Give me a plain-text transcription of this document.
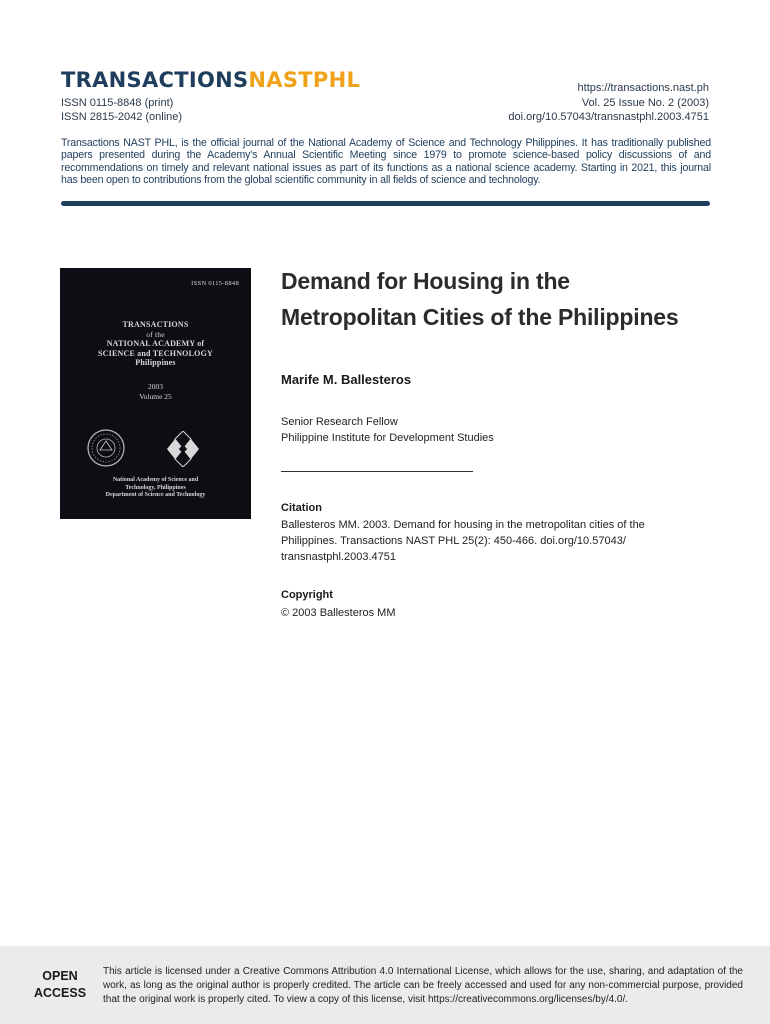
TRANSACTIONSNASTPHL
ISSN 0115-8848 (print)
ISSN 2815-2042 (online)
https://transactions.nast.ph
Vol. 25 Issue No. 2 (2003)
doi.org/10.57043/transnastphl.2003.4751
Transactions NAST PHL, is the official journal of the National Academy of Science and Technology Philippines. It has traditionally published papers presented during the Academy's Annual Scientific Meeting since 1979 to promote science-based policy discussions of and recommendations on timely and relevant national issues as part of its functions as a national science academy. Starting in 2021, this journal has been open to contributions from the global scientific community in all fields of science and technology.
ISSN 0115-8848
TRANSACTIONS
of the
NATIONAL ACADEMY of
SCIENCE and TECHNOLOGY
Philippines
2003
Volume 25
National Academy of Science and
Technology, Philippines
Department of Science and Technology
Demand for Housing in the Metropolitan Cities of the Philippines
Marife M. Ballesteros
Senior Research Fellow
Philippine Institute for Development Studies
Citation
Ballesteros MM. 2003. Demand for housing in the metropolitan cities of the Philippines. Transactions NAST PHL 25(2): 450-466. doi.org/10.57043/ transnastphl.2003.4751
Copyright
© 2003 Ballesteros MM
OPEN
ACCESS
This article is licensed under a Creative Commons Attribution 4.0 International License, which allows for the use, sharing, and adaptation of the work, as long as the original author is properly credited. The article can be freely accessed and used for any non-commercial purpose, provided that the original work is properly cited. To view a copy of this license, visit https://creativecommons.org/licenses/by/4.0/.
